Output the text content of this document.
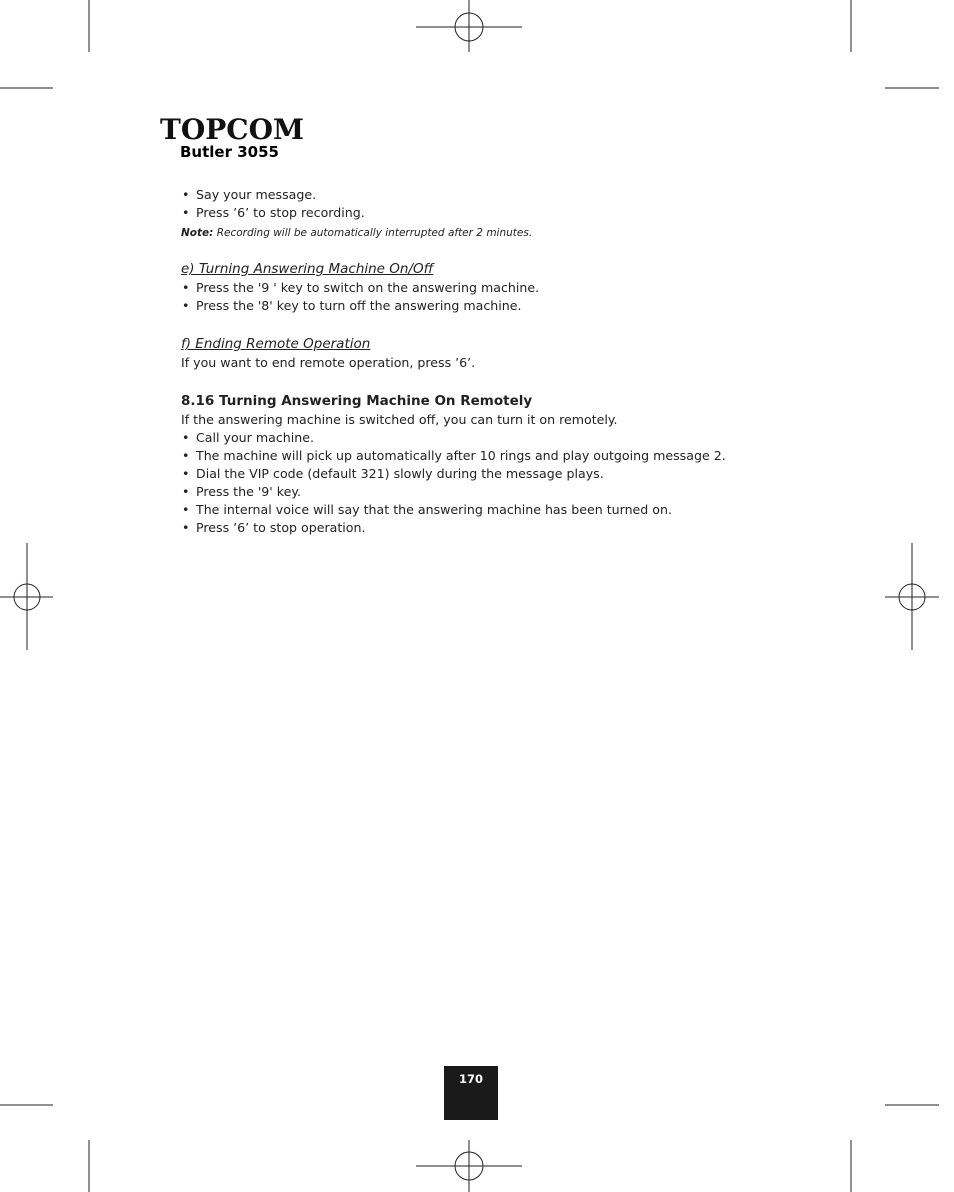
TOPCOM
Butler 3055
• Say your message.
• Press ’6’ to stop recording.
Note: Recording will be automatically interrupted after 2 minutes.
e) Turning Answering Machine On/Off
• Press the '9 ' key to switch on the answering machine.
• Press the '8' key to turn off the answering machine.
f) Ending Remote Operation
If you want to end remote operation, press ’6’.
8.16 Turning Answering Machine On Remotely
If the answering machine is switched off, you can turn it on remotely.
• Call your machine.
• The machine will pick up automatically after 10 rings and play outgoing message 2.
• Dial the VIP code (default 321) slowly during the message plays.
• Press the '9' key.
• The internal voice will say that the answering machine has been turned on.
• Press ’6’ to stop operation.
170
